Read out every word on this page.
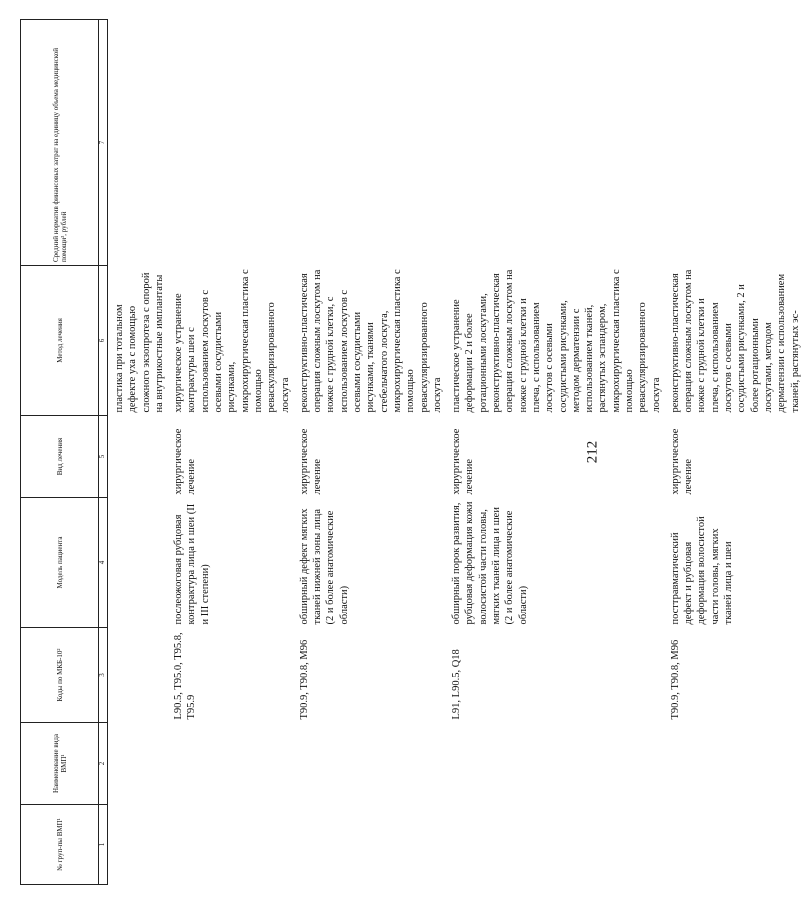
212
№ груп-пы ВМП¹	Наименование вида ВМП¹	Коды по МКБ-10²	Модель пациента	Вид лечения	Метод лечения	Средний норматив финансовых затрат на единицу объема медицинской помощи³, рублей
1	2	3	4	5	6	7
					пластика при тотальном дефекте уха с помощью сложного экзопротеза с опорой на внутрикостные имплантаты	
		L90.5, T95.0, T95.8, T95.9	послеожоговая рубцовая контрактура лица и шеи (II и III степени)	хирургическое лечение	хирургическое устранение контрактуры шеи с использованием лоскутов с осевыми сосудистыми рисунками, микрохирургическая пластика с помощью реваскуляризированного лоскута	
		T90.9, T90.8, M96	обширный дефект мягких тканей нижней зоны лица (2 и более анатомические области)	хирургическое лечение	реконструктивно-пластическая операция сложным лоскутом на ножке с грудной клетки, с использованием лоскутов с осевыми сосудистыми рисунками, тканями стебельчатого лоскута, микрохирургическая пластика с помощью реваскуляризированного лоскута	
		L91, L90.5, Q18	обширный порок развития, рубцовая деформация кожи волосистой части головы, мягких тканей лица и шеи (2 и более анатомические области)	хирургическое лечение	пластическое устранение деформации 2 и более ротационными лоскутами, реконструктивно-пластическая операция сложным лоскутом на ножке с грудной клетки и плеча, с использованием лоскутов с осевыми сосудистыми рисунками, методом дерматензии с использованием тканей, растянутых эспандером, микрохирургическая пластика с помощью реваскуляризированного лоскута	
		T90.9, T90.8, M96	посттравматический дефект и рубцовая деформация волосистой части головы, мягких тканей лица и шеи	хирургическое лечение	реконструктивно-пластическая операция сложным лоскутом на ножке с грудной клетки и плеча, с использованием лоскутов с осевыми сосудистыми рисунками, 2 и более ротационными лоскутами, методом дерматензии с использованием тканей, растянутых эс-	
